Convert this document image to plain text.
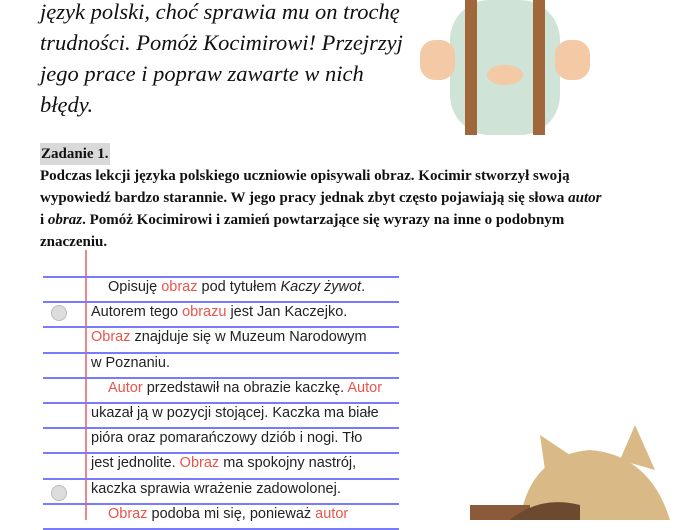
język polski, choć sprawia mu on trochę
trudności. Pomóż Kocimirowi! Przejrzyj
jego prace i popraw zawarte w nich
błędy.
Zadanie 1.
Podczas lekcji języka polskiego uczniowie opisywali obraz. Kocimir stworzył swoją
wypowiedź bardzo starannie. W jego pracy jednak zbyt często pojawiają się słowa autor
i obraz. Pomóż Kocimirowi i zamień powtarzające się wyrazy na inne o podobnym
znaczeniu.
Opisuję obraz pod tytułem Kaczy żywot.
Autorem tego obrazu jest Jan Kaczejko.
Obraz znajduje się w Muzeum Narodowym
w Poznaniu.
Autor przedstawił na obrazie kaczkę. Autor
ukazał ją w pozycji stojącej. Kaczka ma białe
pióra oraz pomarańczowy dziób i nogi. Tło
jest jednolite. Obraz ma spokojny nastrój,
kaczka sprawia wrażenie zadowolonej.
Obraz podoba mi się, ponieważ autor
